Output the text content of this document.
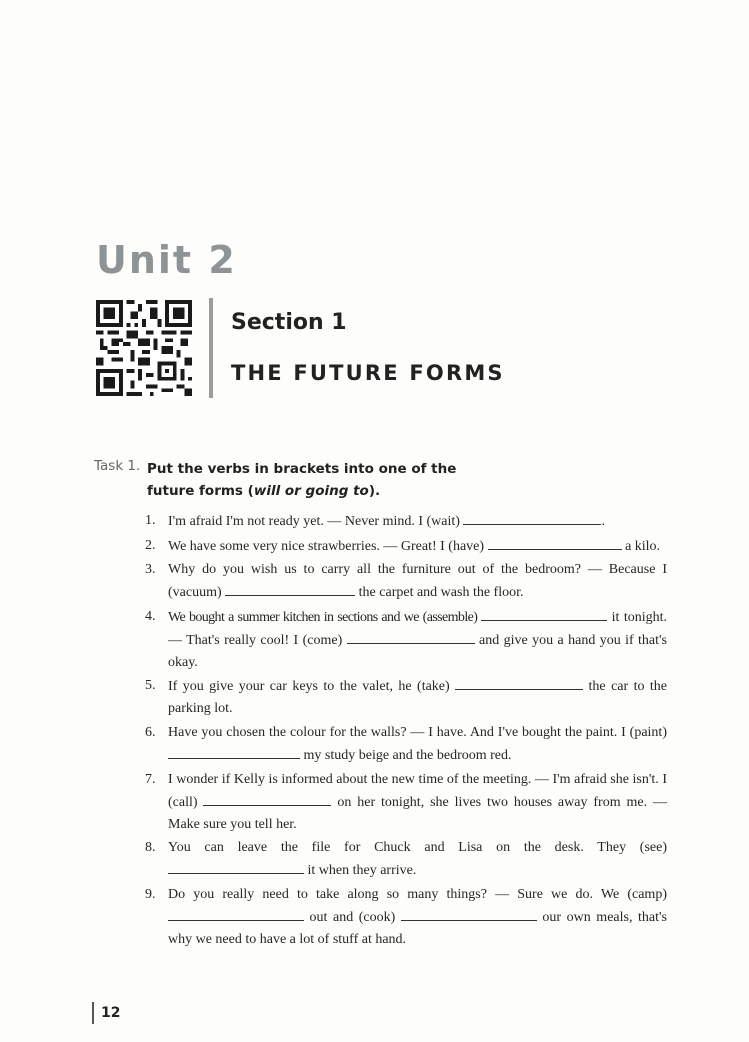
Unit 2
Section 1
THE FUTURE FORMS
Task 1. Put the verbs in brackets into one of the future forms (will or going to).
1. I'm afraid I'm not ready yet. — Never mind. I (wait)	.
2. We have some very nice strawberries. — Great! I (have)	a kilo.
3. Why do you wish us to carry all the furniture out of the bedroom? — Because I (vacuum)	the carpet and wash the floor.
4. We bought a summer kitchen in sections and we (assemble)	it tonight. — That's really cool! I (come)	and give you a hand you if that's okay.
5. If you give your car keys to the valet, he (take)	the car to the parking lot.
6. Have you chosen the colour for the walls? — I have. And I've bought the paint. I (paint)  my study beige and the bedroom red.
7. I wonder if Kelly is informed about the new time of the meeting. — I'm afraid she isn't. I (call)	on her tonight, she lives two houses away from me. — Make sure you tell her.
8. You can leave the file for Chuck and Lisa on the desk. They (see)  it when they arrive.
9. Do you really need to take along so many things? — Sure we do. We (camp)  out and (cook)	our own meals, that's why we need to have a lot of stuff at hand.
12
